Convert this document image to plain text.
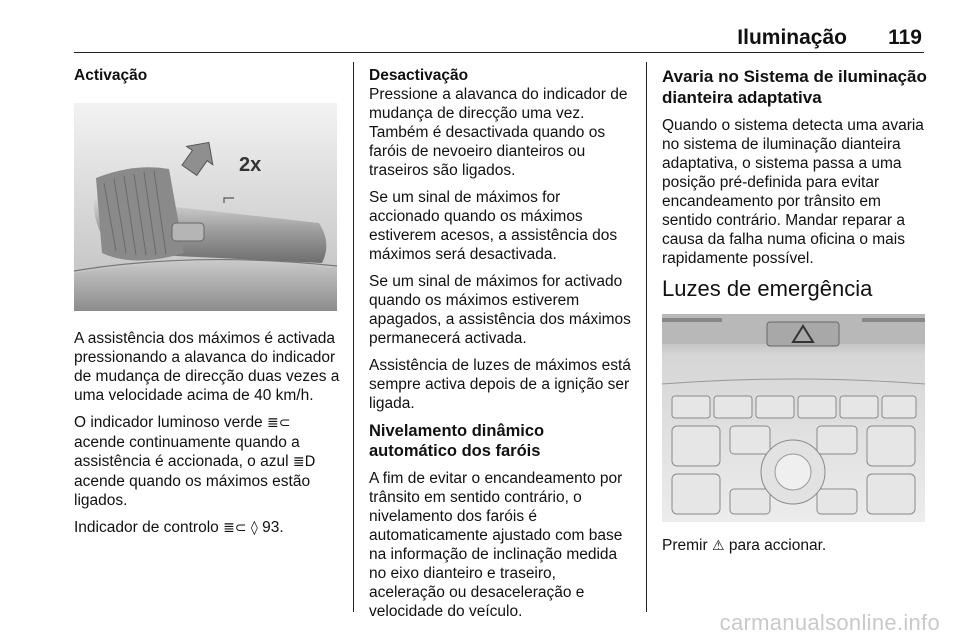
Iluminação 119
Activação
2x

A assistência dos máximos é activada pressionando a alavanca do indicador de mudança de direcção duas vezes a uma velocidade acima de 40 km/h.

O indicador luminoso verde ≣⊂ acende continuamente quando a assistência é accionada, o azul ≣D acende quando os máximos estão ligados.

Indicador de controlo ≣⊂ ◊ 93.

Desactivação

Pressione a alavanca do indicador de mudança de direcção uma vez. Também é desactivada quando os faróis de nevoeiro dianteiros ou traseiros são ligados.

Se um sinal de máximos for accionado quando os máximos estiverem acesos, a assistência dos máximos será desactivada.

Se um sinal de máximos for activado quando os máximos estiverem apagados, a assistência dos máximos permanecerá activada.

Assistência de luzes de máximos está sempre activa depois de a ignição ser ligada.

Nivelamento dinâmico automático dos faróis

A fim de evitar o encandeamento por trânsito em sentido contrário, o nivelamento dos faróis é automaticamente ajustado com base na informação de inclinação medida no eixo dianteiro e traseiro, aceleração ou desaceleração e velocidade do veículo.

Avaria no Sistema de iluminação dianteira adaptativa

Quando o sistema detecta uma avaria no sistema de iluminação dianteira adaptativa, o sistema passa a uma posição pré-definida para evitar encandeamento por trânsito em sentido contrário. Mandar reparar a causa da falha numa oficina o mais rapidamente possível.

Luzes de emergência

Premir ⚠ para accionar.

carmanualsonline.info
